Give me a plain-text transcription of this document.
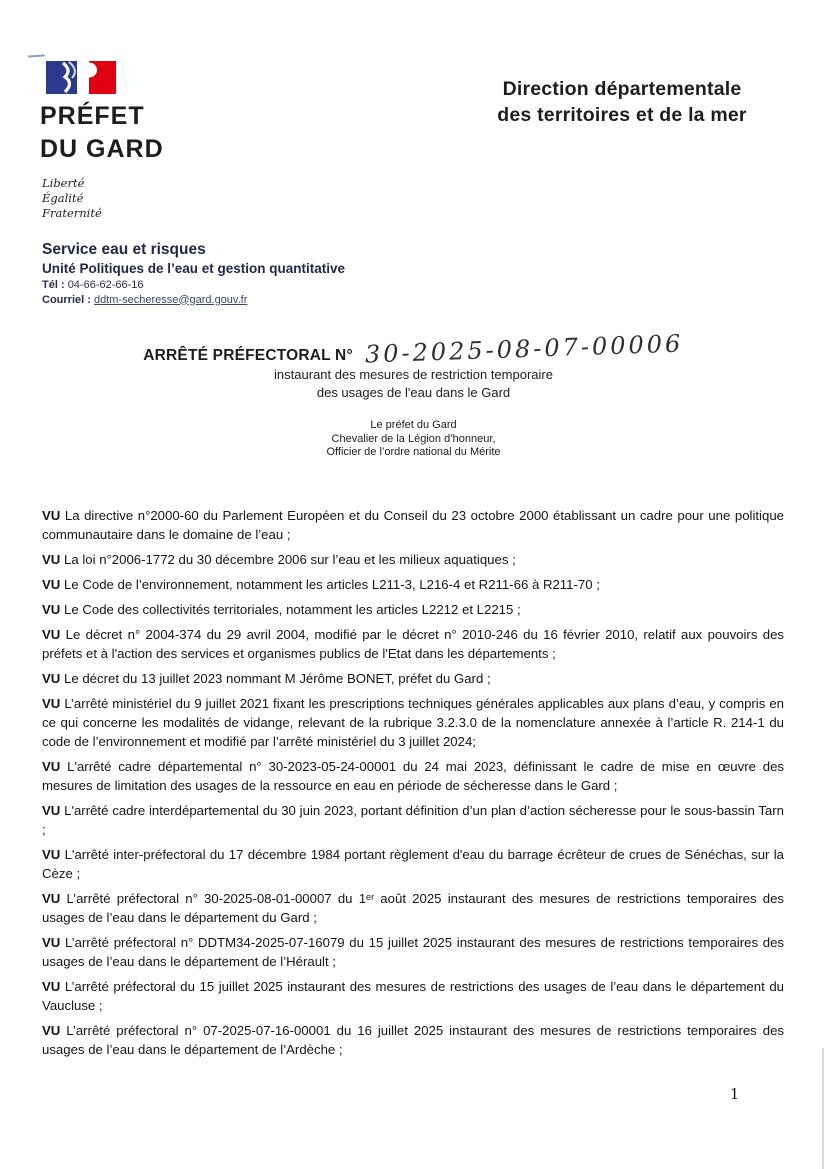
PRÉFET
DU GARD
Liberté
Égalité
Fraternité
Direction départementale
des territoires et de la mer
Service eau et risques
Unité Politiques de l’eau et gestion quantitative
Tél : 04-66-62-66-16
Courriel : ddtm-secheresse@gard.gouv.fr
ARRÊTÉ PRÉFECTORAL N° 30-2025-08-07-00006
instaurant des mesures de restriction temporaire
des usages de l'eau dans le Gard
Le préfet du Gard
Chevalier de la Légion d’honneur,
Officier de l’ordre national du Mérite

VU La directive n°2000-60 du Parlement Européen et du Conseil du 23 octobre 2000 établissant un cadre pour une politique communautaire dans le domaine de l’eau ;

VU La loi n°2006-1772 du 30 décembre 2006 sur l’eau et les milieux aquatiques ;

VU Le Code de l’environnement, notamment les articles L211-3, L216-4 et R211-66 à R211-70 ;

VU Le Code des collectivités territoriales, notamment les articles L2212 et L2215 ;

VU Le décret n° 2004-374 du 29 avril 2004, modifié par le décret n° 2010-246 du 16 février 2010, relatif aux pouvoirs des préfets et à l'action des services et organismes publics de l'Etat dans les départements ;

VU Le décret du 13 juillet 2023 nommant M Jérôme BONET, préfet du Gard ;

VU L’arrêté ministériel du 9 juillet 2021 fixant les prescriptions techniques générales applicables aux plans d’eau, y compris en ce qui concerne les modalités de vidange, relevant de la rubrique 3.2.3.0 de la nomenclature annexée à l’article R. 214-1 du code de l’environnement et modifié par l’arrêté ministériel du 3 juillet 2024;

VU L'arrêté cadre départemental n° 30-2023-05-24-00001 du 24 mai 2023, définissant le cadre de mise en œuvre des mesures de limitation des usages de la ressource en eau en période de sécheresse dans le Gard ;

VU L'arrêté cadre interdépartemental du 30 juin 2023, portant définition d’un plan d’action sécheresse pour le sous-bassin Tarn ;

VU L'arrêté inter-préfectoral du 17 décembre 1984 portant règlement d'eau du barrage écrêteur de crues de Sénéchas, sur la Cèze ;

VU L’arrêté préfectoral n° 30-2025-08-01-00007 du 1ᵉʳ août 2025 instaurant des mesures de restrictions temporaires des usages de l’eau dans le département du Gard ;

VU L’arrêté préfectoral n° DDTM34-2025-07-16079 du 15 juillet 2025 instaurant des mesures de restrictions temporaires des usages de l’eau dans le département de l’Hérault ;

VU L’arrêté préfectoral du 15 juillet 2025 instaurant des mesures de restrictions des usages de l’eau dans le département du Vaucluse ;

VU L’arrêté préfectoral n° 07-2025-07-16-00001 du 16 juillet 2025 instaurant des mesures de restrictions temporaires des usages de l’eau dans le département de l’Ardèche ;

1
